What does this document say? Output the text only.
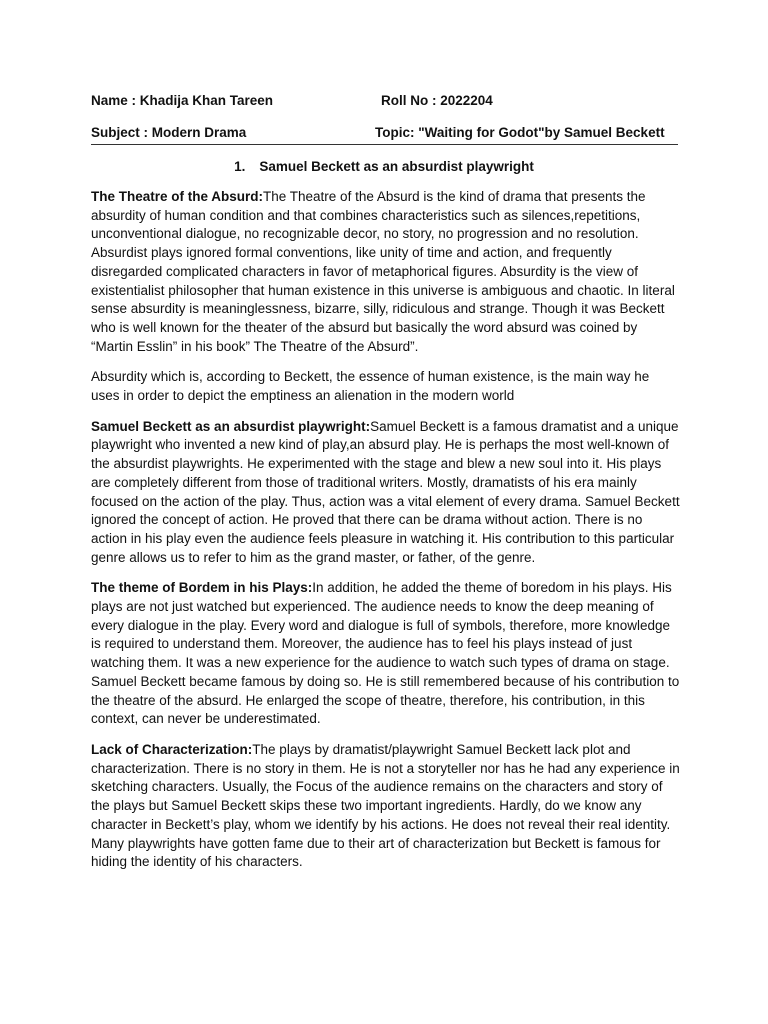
Name : Khadija Khan Tareen	Roll No : 2022204
Subject : Modern Drama	Topic: "Waiting for Godot"by Samuel Beckett
1. Samuel Beckett as an absurdist playwright

The Theatre of the Absurd:The Theatre of the Absurd is the kind of drama that presents the absurdity of human condition and that combines characteristics such as silences,repetitions, unconventional dialogue, no recognizable decor, no story, no progression and no resolution. Absurdist plays ignored formal conventions, like unity of time and action, and frequently disregarded complicated characters in favor of metaphorical figures. Absurdity is the view of existentialist philosopher that human existence in this universe is ambiguous and chaotic. In literal sense absurdity is meaninglessness, bizarre, silly, ridiculous and strange. Though it was Beckett who is well known for the theater of the absurd but basically the word absurd was coined by “Martin Esslin” in his book” The Theatre of the Absurd”.

Absurdity which is, according to Beckett, the essence of human existence, is the main way he uses in order to depict the emptiness an alienation in the modern world

Samuel Beckett as an absurdist playwright:Samuel Beckett is a famous dramatist and a unique playwright who invented a new kind of play,an absurd play. He is perhaps the most well-known of the absurdist playwrights. He experimented with the stage and blew a new soul into it. His plays are completely different from those of traditional writers. Mostly, dramatists of his era mainly focused on the action of the play. Thus, action was a vital element of every drama. Samuel Beckett ignored the concept of action. He proved that there can be drama without action. There is no action in his play even the audience feels pleasure in watching it. His contribution to this particular genre allows us to refer to him as the grand master, or father, of the genre.

The theme of Bordem in his Plays:In addition, he added the theme of boredom in his plays. His plays are not just watched but experienced. The audience needs to know the deep meaning of every dialogue in the play. Every word and dialogue is full of symbols, therefore, more knowledge is required to understand them. Moreover, the audience has to feel his plays instead of just watching them. It was a new experience for the audience to watch such types of drama on stage. Samuel Beckett became famous by doing so. He is still remembered because of his contribution to the theatre of the absurd. He enlarged the scope of theatre, therefore, his contribution, in this context, can never be underestimated.

Lack of Characterization:The plays by dramatist/playwright Samuel Beckett lack plot and characterization. There is no story in them. He is not a storyteller nor has he had any experience in sketching characters. Usually, the Focus of the audience remains on the characters and story of the plays but Samuel Beckett skips these two important ingredients. Hardly, do we know any character in Beckett’s play, whom we identify by his actions. He does not reveal their real identity. Many playwrights have gotten fame due to their art of characterization but Beckett is famous for hiding the identity of his characters.
